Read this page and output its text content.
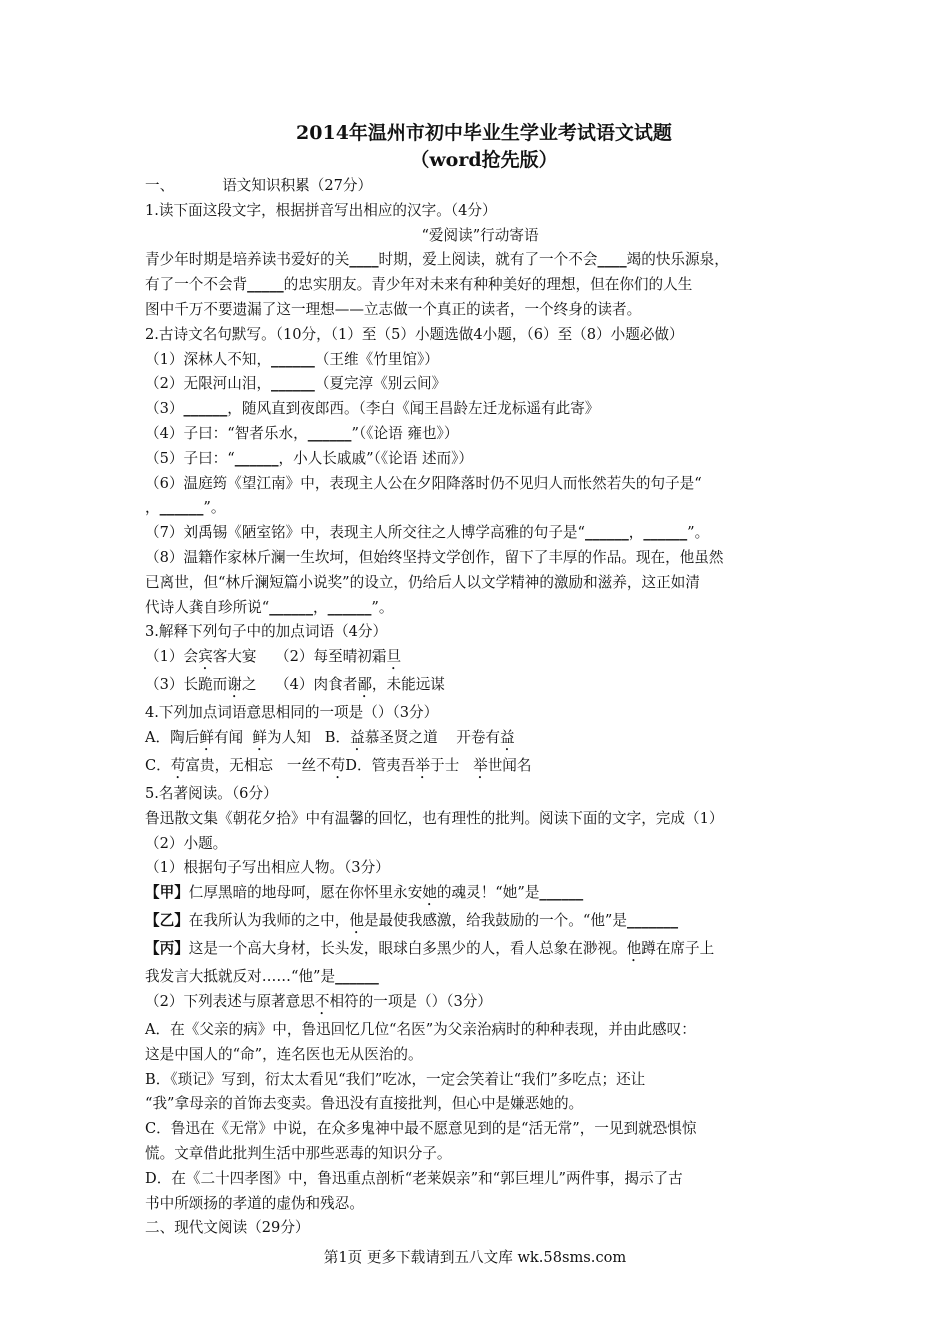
2014年温州市初中毕业生学业考试语文试题
（word抢先版）
一、	语文知识积累（27分）
1.读下面这段文字，根据拼音写出相应的汉字。（4分）
“爱阅读”行动寄语
青少年时期是培养读书爱好的关____时期，爱上阅读，就有了一个不会____竭的快乐源泉，
有了一个不会背_____的忠实朋友。青少年对未来有种种美好的理想，但在你们的人生
图中千万不要遗漏了这一理想——立志做一个真正的读者，一个终身的读者。
2.古诗文名句默写。（10分，（1）至（5）小题选做4小题，（6）至（8）小题必做）
（1）深林人不知，______（王维《竹里馆》）
（2）无限河山泪，______（夏完淳《别云间》
（3）______，随风直到夜郎西。（李白《闻王昌龄左迁龙标遥有此寄》
（4）子曰：“智者乐水，______”（《论语 雍也》）
（5）子曰：“______，小人长戚戚”（《论语 述而》）
（6）温庭筠《望江南》中，表现主人公在夕阳降落时仍不见归人而怅然若失的句子是“
，______”。
（7）刘禹锡《陋室铭》中，表现主人所交往之人博学高雅的句子是“______，______”。
（8）温籍作家林斤澜一生坎坷，但始终坚持文学创作，留下了丰厚的作品。现在，他虽然
已离世，但“林斤澜短篇小说奖”的设立，仍给后人以文学精神的激励和滋养，这正如清
代诗人龚自珍所说“______，______”。
3.解释下列句子中的加点词语（4分）
（1）会宾客大宴 （2）每至晴初霜旦
（3）长跪而谢之 （4）肉食者鄙，未能远谋
4.下列加点词语意思相同的一项是（）（3分）
A．陶后鲜有闻 鲜为人知 B．益慕圣贤之道 开卷有益
C．苟富贵，无相忘 一丝不苟D．管夷吾举于士 举世闻名
5.名著阅读。（6分）
鲁迅散文集《朝花夕拾》中有温馨的回忆，也有理性的批判。阅读下面的文字，完成（1）
（2）小题。
（1）根据句子写出相应人物。（3分）
【甲】仁厚黑暗的地母呵，愿在你怀里永安她的魂灵！“她”是______
【乙】在我所认为我师的之中，他是最使我感激，给我鼓励的一个。“他”是_______
【丙】这是一个高大身材，长头发，眼球白多黑少的人，看人总象在渺视。他蹲在席子上
我发言大抵就反对……“他”是______
（2）下列表述与原著意思不相符的一项是（）（3分）
A．在《父亲的病》中，鲁迅回忆几位“名医”为父亲治病时的种种表现，并由此感叹：
这是中国人的“命”，连名医也无从医治的。
B．《琐记》写到，衍太太看见“我们”吃冰，一定会笑着让“我们”多吃点；还让
“我”拿母亲的首饰去变卖。鲁迅没有直接批判，但心中是嫌恶她的。
C．鲁迅在《无常》中说，在众多鬼神中最不愿意见到的是“活无常”，一见到就恐惧惊
慌。文章借此批判生活中那些恶毒的知识分子。
D．在《二十四孝图》中，鲁迅重点剖析“老莱娱亲”和“郭巨埋儿”两件事，揭示了古
书中所颂扬的孝道的虚伪和残忍。
二、现代文阅读（29分）
第1页 更多下载请到五八文库 wk.58sms.com
